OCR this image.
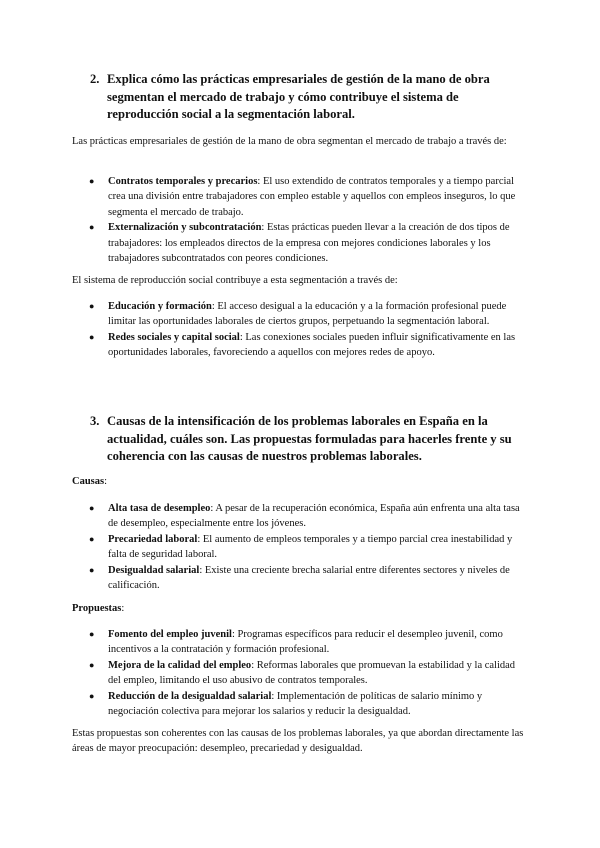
2. Explica cómo las prácticas empresariales de gestión de la mano de obra segmentan el mercado de trabajo y cómo contribuye el sistema de reproducción social a la segmentación laboral.

Las prácticas empresariales de gestión de la mano de obra segmentan el mercado de trabajo a través de:

● Contratos temporales y precarios: El uso extendido de contratos temporales y a tiempo parcial crea una división entre trabajadores con empleo estable y aquellos con empleos inseguros, lo que segmenta el mercado de trabajo.
● Externalización y subcontratación: Estas prácticas pueden llevar a la creación de dos tipos de trabajadores: los empleados directos de la empresa con mejores condiciones laborales y los trabajadores subcontratados con peores condiciones.

El sistema de reproducción social contribuye a esta segmentación a través de:

● Educación y formación: El acceso desigual a la educación y a la formación profesional puede limitar las oportunidades laborales de ciertos grupos, perpetuando la segmentación laboral.
● Redes sociales y capital social: Las conexiones sociales pueden influir significativamente en las oportunidades laborales, favoreciendo a aquellos con mejores redes de apoyo.
3. Causas de la intensificación de los problemas laborales en España en la actualidad, cuáles son. Las propuestas formuladas para hacerles frente y su coherencia con las causas de nuestros problemas laborales.
Causas:
● Alta tasa de desempleo: A pesar de la recuperación económica, España aún enfrenta una alta tasa de desempleo, especialmente entre los jóvenes.
● Precariedad laboral: El aumento de empleos temporales y a tiempo parcial crea inestabilidad y falta de seguridad laboral.
● Desigualdad salarial: Existe una creciente brecha salarial entre diferentes sectores y niveles de calificación.
Propuestas:
● Fomento del empleo juvenil: Programas específicos para reducir el desempleo juvenil, como incentivos a la contratación y formación profesional.
● Mejora de la calidad del empleo: Reformas laborales que promuevan la estabilidad y la calidad del empleo, limitando el uso abusivo de contratos temporales.
● Reducción de la desigualdad salarial: Implementación de políticas de salario mínimo y negociación colectiva para mejorar los salarios y reducir la desigualdad.

Estas propuestas son coherentes con las causas de los problemas laborales, ya que abordan directamente las áreas de mayor preocupación: desempleo, precariedad y desigualdad.
